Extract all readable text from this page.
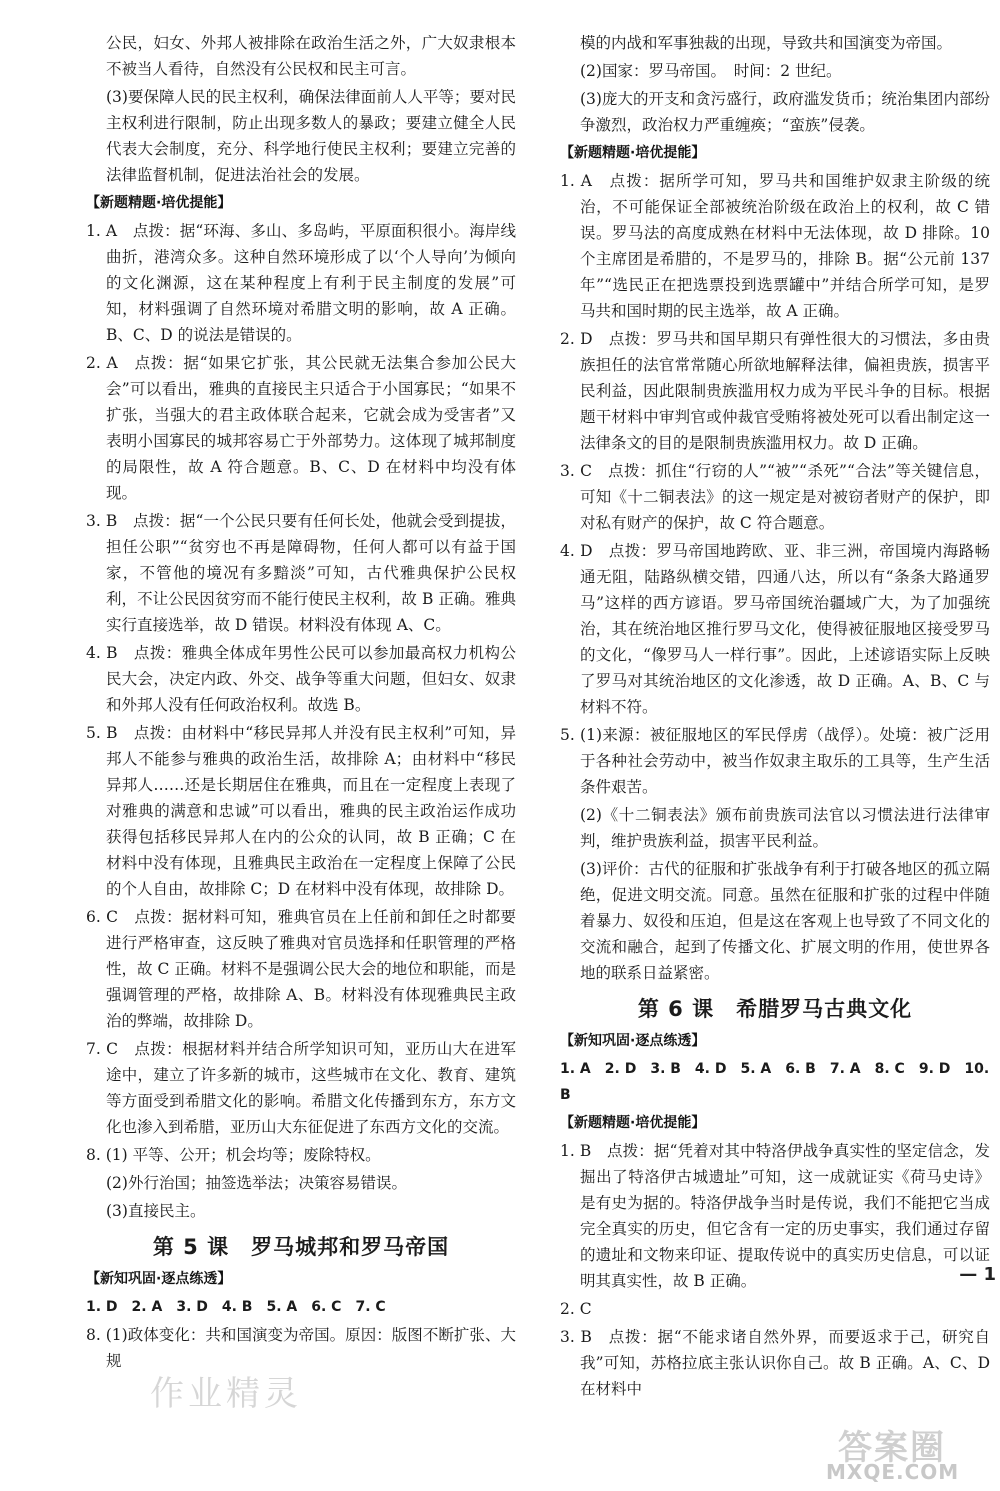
公民，妇女、外邦人被排除在政治生活之外，广大奴隶根本不被当人看待，自然没有公民权和民主可言。

(3)要保障人民的民主权利，确保法律面前人人平等；要对民主权利进行限制，防止出现多数人的暴政；要建立健全人民代表大会制度，充分、科学地行使民主权利；要建立完善的法律监督机制，促进法治社会的发展。

【新题精题·培优提能】

1. A　点拨：据“环海、多山、多岛屿，平原面积很小。海岸线曲折，港湾众多。这种自然环境形成了以‘个人导向’为倾向的文化渊源，这在某种程度上有利于民主制度的发展”可知，材料强调了自然环境对希腊文明的影响，故 A 正确。B、C、D 的说法是错误的。

2. A　点拨：据“如果它扩张，其公民就无法集合参加公民大会”可以看出，雅典的直接民主只适合于小国寡民；“如果不扩张，当强大的君主政体联合起来，它就会成为受害者”又表明小国寡民的城邦容易亡于外部势力。这体现了城邦制度的局限性，故 A 符合题意。B、C、D 在材料中均没有体现。

3. B　点拨：据“一个公民只要有任何长处，他就会受到提拔，担任公职”“贫穷也不再是障碍物，任何人都可以有益于国家，不管他的境况有多黯淡”可知，古代雅典保护公民权利，不让公民因贫穷而不能行使民主权利，故 B 正确。雅典实行直接选举，故 D 错误。材料没有体现 A、C。

4. B　点拨：雅典全体成年男性公民可以参加最高权力机构公民大会，决定内政、外交、战争等重大问题，但妇女、奴隶和外邦人没有任何政治权利。故选 B。

5. B　点拨：由材料中“移民异邦人并没有民主权利”可知，异邦人不能参与雅典的政治生活，故排除 A；由材料中“移民异邦人……还是长期居住在雅典，而且在一定程度上表现了对雅典的满意和忠诚”可以看出，雅典的民主政治运作成功获得包括移民异邦人在内的公众的认同，故 B 正确；C 在材料中没有体现，且雅典民主政治在一定程度上保障了公民的个人自由，故排除 C；D 在材料中没有体现，故排除 D。

6. C　点拨：据材料可知，雅典官员在上任前和卸任之时都要进行严格审查，这反映了雅典对官员选择和任职管理的严格性，故 C 正确。材料不是强调公民大会的地位和职能，而是强调管理的严格，故排除 A、B。材料没有体现雅典民主政治的弊端，故排除 D。

7. C　点拨：根据材料并结合所学知识可知，亚历山大在进军途中，建立了许多新的城市，这些城市在文化、教育、建筑等方面受到希腊文化的影响。希腊文化传播到东方，东方文化也渗入到希腊，亚历山大东征促进了东西方文化的交流。

8. (1) 平等、公开；机会均等；废除特权。

(2)外行治国；抽签选举法；决策容易错误。

(3)直接民主。

第 5 课　罗马城邦和罗马帝国
【新知巩固·逐点练透】
1. D　2. A　3. D　4. B　5. A　6. C　7. C

8. (1)政体变化：共和国演变为帝国。原因：版图不断扩张、大规

模的内战和军事独裁的出现，导致共和国演变为帝国。

(2)国家：罗马帝国。　时间：2 世纪。

(3)庞大的开支和贪污盛行，政府滥发货币；统治集团内部纷争激烈，政治权力严重缠痪；“蛮族”侵袭。

【新题精题·培优提能】

1. A　点拨：据所学可知，罗马共和国维护奴隶主阶级的统治，不可能保证全部被统治阶级在政治上的权利，故 C 错误。罗马法的高度成熟在材料中无法体现，故 D 排除。10 个主席团是希腊的，不是罗马的，排除 B。据“公元前 137 年”“选民正在把选票投到选票罐中”并结合所学可知，是罗马共和国时期的民主选举，故 A 正确。

2. D　点拨：罗马共和国早期只有弹性很大的习惯法，多由贵族担任的法官常常随心所欲地解释法律，偏袒贵族，损害平民利益，因此限制贵族滥用权力成为平民斗争的目标。根据题干材料中审判官或仲裁官受贿将被处死可以看出制定这一法律条文的目的是限制贵族滥用权力。故 D 正确。

3. C　点拨：抓住“行窃的人”“被”“杀死”“合法”等关键信息，可知《十二铜表法》的这一规定是对被窃者财产的保护，即对私有财产的保护，故 C 符合题意。

4. D　点拨：罗马帝国地跨欧、亚、非三洲，帝国境内海路畅通无阻，陆路纵横交错，四通八达，所以有“条条大路通罗马”这样的西方谚语。罗马帝国统治疆域广大，为了加强统治，其在统治地区推行罗马文化，使得被征服地区接受罗马的文化，“像罗马人一样行事”。因此，上述谚语实际上反映了罗马对其统治地区的文化渗透，故 D 正确。A、B、C 与材料不符。

5. (1)来源：被征服地区的军民俘虏（战俘）。处境：被广泛用于各种社会劳动中，被当作奴隶主取乐的工具等，生产生活条件艰苦。

(2)《十二铜表法》颁布前贵族司法官以习惯法进行法律审判，维护贵族利益，损害平民利益。

(3)评价：古代的征服和扩张战争有利于打破各地区的孤立隔绝，促进文明交流。同意。虽然在征服和扩张的过程中伴随着暴力、奴役和压迫，但是这在客观上也导致了不同文化的交流和融合，起到了传播文化、扩展文明的作用，使世界各地的联系日益紧密。

第 6 课　希腊罗马古典文化
【新知巩固·逐点练透】
1. A　2. D　3. B　4. D　5. A　6. B　7. A　8. C　9. D　10. B
【新题精题·培优提能】

1. B　点拨：据“凭着对其中特洛伊战争真实性的坚定信念，发掘出了特洛伊古城遗址”可知，这一成就证实《荷马史诗》是有史为据的。特洛伊战争当时是传说，我们不能把它当成完全真实的历史，但它含有一定的历史事实，我们通过存留的遗址和文物来印证、提取传说中的真实历史信息，可以证明其真实性，故 B 正确。

2. C

3. B　点拨：据“不能求诸自然外界，而要返求于己，研究自我”可知，苏格拉底主张认识你自己。故 B 正确。A、C、D 在材料中

— 1
作业精灵
答案圈
MXQE.COM
